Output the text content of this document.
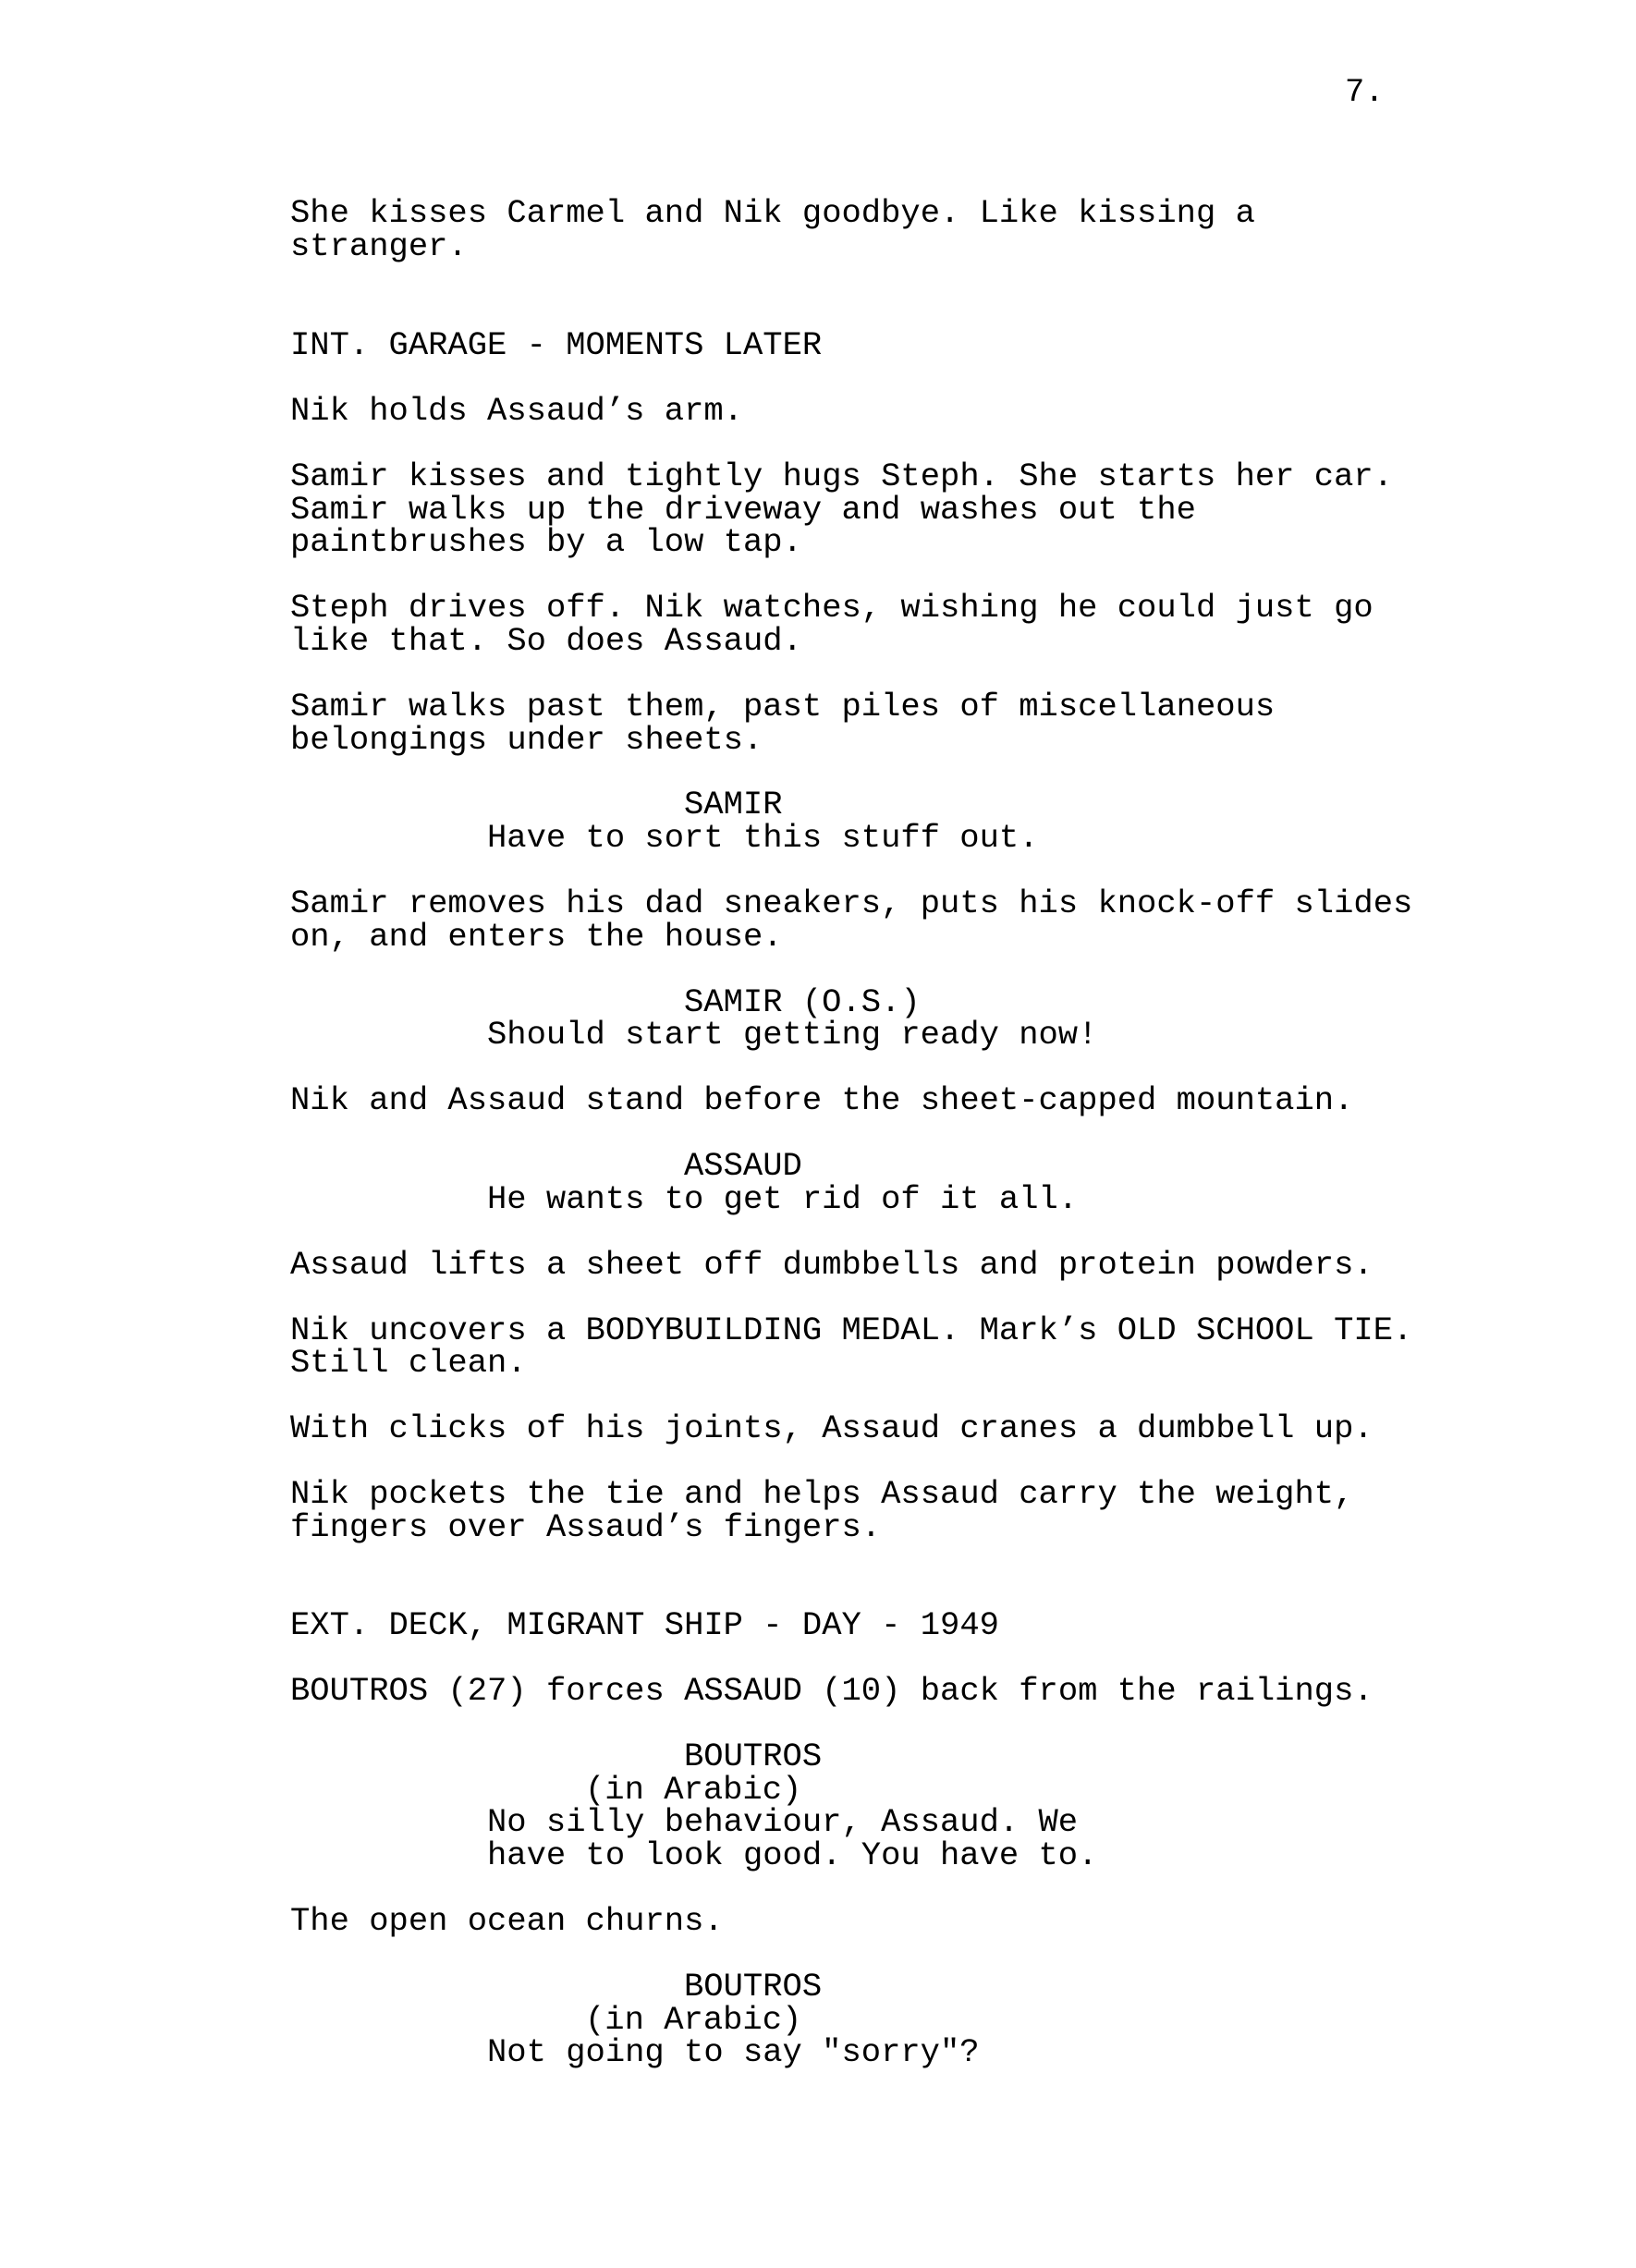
7.
She kisses Carmel and Nik goodbye. Like kissing a
stranger.
INT. GARAGE - MOMENTS LATER
Nik holds Assaud’s arm.
Samir kisses and tightly hugs Steph. She starts her car.
Samir walks up the driveway and washes out the
paintbrushes by a low tap.
Steph drives off. Nik watches, wishing he could just go
like that. So does Assaud.
Samir walks past them, past piles of miscellaneous
belongings under sheets.
SAMIR
Have to sort this stuff out.
Samir removes his dad sneakers, puts his knock-off slides
on, and enters the house.
SAMIR (O.S.)
Should start getting ready now!
Nik and Assaud stand before the sheet-capped mountain.
ASSAUD
He wants to get rid of it all.
Assaud lifts a sheet off dumbbells and protein powders.
Nik uncovers a BODYBUILDING MEDAL. Mark’s OLD SCHOOL TIE.
Still clean.
With clicks of his joints, Assaud cranes a dumbbell up.
Nik pockets the tie and helps Assaud carry the weight,
fingers over Assaud’s fingers.
EXT. DECK, MIGRANT SHIP - DAY - 1949
BOUTROS (27) forces ASSAUD (10) back from the railings.
BOUTROS
(in Arabic)
No silly behaviour, Assaud. We
have to look good. You have to.
The open ocean churns.
BOUTROS
(in Arabic)
Not going to say "sorry"?
